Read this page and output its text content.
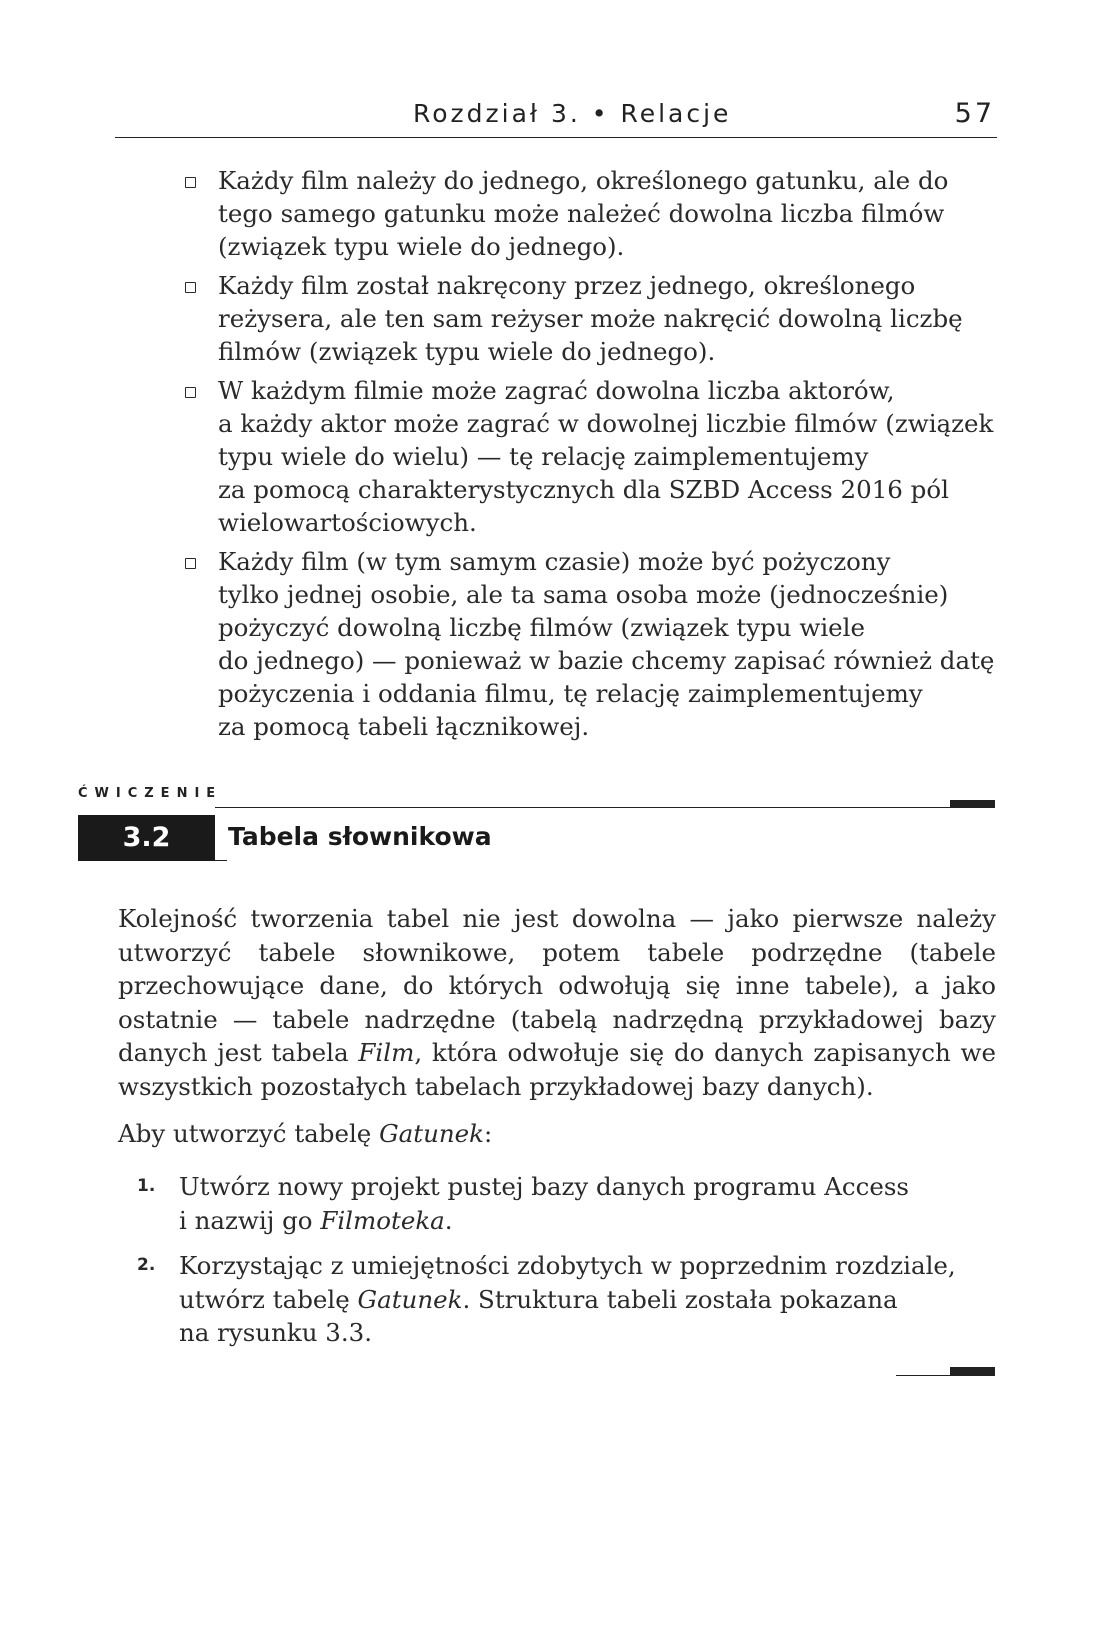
Rozdział 3. • Relacje	57
Każdy film należy do jednego, określonego gatunku, ale do
tego samego gatunku może należeć dowolna liczba filmów
(związek typu wiele do jednego).
Każdy film został nakręcony przez jednego, określonego
reżysera, ale ten sam reżyser może nakręcić dowolną liczbę
filmów (związek typu wiele do jednego).
W każdym filmie może zagrać dowolna liczba aktorów,
a każdy aktor może zagrać w dowolnej liczbie filmów (związek
typu wiele do wielu) — tę relację zaimplementujemy
za pomocą charakterystycznych dla SZBD Access 2016 pól
wielowartościowych.
Każdy film (w tym samym czasie) może być pożyczony
tylko jednej osobie, ale ta sama osoba może (jednocześnie)
pożyczyć dowolną liczbę filmów (związek typu wiele
do jednego) — ponieważ w bazie chcemy zapisać również datę
pożyczenia i oddania filmu, tę relację zaimplementujemy
za pomocą tabeli łącznikowej.
ĆWICZENIE
3.2	Tabela słownikowa

Kolejność tworzenia tabel nie jest dowolna — jako pierwsze należy utworzyć tabele słownikowe, potem tabele podrzędne (tabele przechowujące dane, do których odwołują się inne tabele), a jako ostatnie — tabele nadrzędne (tabelą nadrzędną przykładowej bazy danych jest tabela Film, która odwołuje się do danych zapisanych we wszystkich pozostałych tabelach przykładowej bazy danych).

Aby utworzyć tabelę Gatunek:

1. Utwórz nowy projekt pustej bazy danych programu Access
i nazwij go Filmoteka.
2. Korzystając z umiejętności zdobytych w poprzednim rozdziale,
utwórz tabelę Gatunek. Struktura tabeli została pokazana
na rysunku 3.3.
